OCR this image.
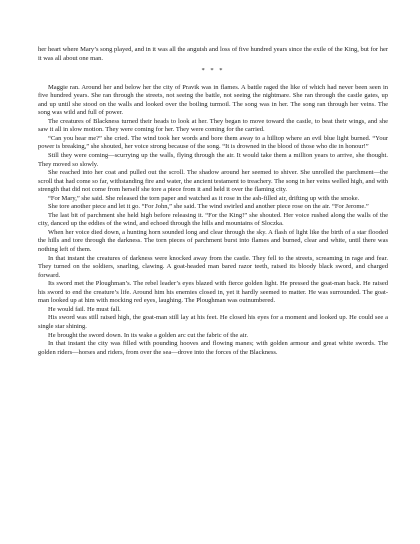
her heart where Mary’s song played, and in it was all the anguish and loss of five hundred years since the exile of the King, but for her it was all about one man.

* * *

Maggie ran. Around her and below her the city of Pravik was in flames. A battle raged the like of which had never been seen in five hundred years. She ran through the streets, not seeing the battle, not seeing the nightmare. She ran through the castle gates, up and up until she stood on the walls and looked over the boiling turmoil. The song was in her. The song ran through her veins. The song was wild and full of power.

The creatures of Blackness turned their heads to look at her. They began to move toward the castle, to beat their wings, and she saw it all in slow motion. They were coming for her. They were coming for the carried.

“Can you hear me?” she cried. The wind took her words and bore them away to a hilltop where an evil blue light burned. “Your power is breaking,” she shouted, her voice strong because of the song. “It is drowned in the blood of those who die in honour!”

Still they were coming—scurrying up the walls, flying through the air. It would take them a million years to arrive, she thought. They moved so slowly.

She reached into her coat and pulled out the scroll. The shadow around her seemed to shiver. She unrolled the parchment—the scroll that had come so far, withstanding fire and water, the ancient testament to treachery. The song in her veins welled high, and with strength that did not come from herself she tore a piece from it and held it over the flaming city.

“For Mary,” she said. She released the torn paper and watched as it rose in the ash-filled air, drifting up with the smoke.

She tore another piece and let it go. “For John,” she said. The wind swirled and another piece rose on the air. “For Jerome.”

The last bit of parchment she held high before releasing it. “For the King!” she shouted. Her voice rushed along the walls of the city, danced up the eddies of the wind, and echoed through the hills and mountains of Sloczka.

When her voice died down, a hunting horn sounded long and clear through the sky. A flash of light like the birth of a star flooded the hills and tore through the darkness. The torn pieces of parchment burst into flames and burned, clear and white, until there was nothing left of them.

In that instant the creatures of darkness were knocked away from the castle. They fell to the streets, screaming in rage and fear. They turned on the soldiers, snarling, clawing. A goat-headed man bared razor teeth, raised its bloody black sword, and charged forward.

Its sword met the Ploughman’s. The rebel leader’s eyes blazed with fierce golden light. He pressed the goat-man back. He raised his sword to end the creature’s life. Around him his enemies closed in, yet it hardly seemed to matter. He was surrounded. The goat-man looked up at him with mocking red eyes, laughing. The Ploughman was outnumbered.

He would fail. He must fall.

His sword was still raised high, the goat-man still lay at his feet. He closed his eyes for a moment and looked up. He could see a single star shining.

He brought the sword down. In its wake a golden arc cut the fabric of the air.

In that instant the city was filled with pounding hooves and flowing manes; with golden armour and great white swords. The golden riders—horses and riders, from over the sea—drove into the forces of the Blackness.
